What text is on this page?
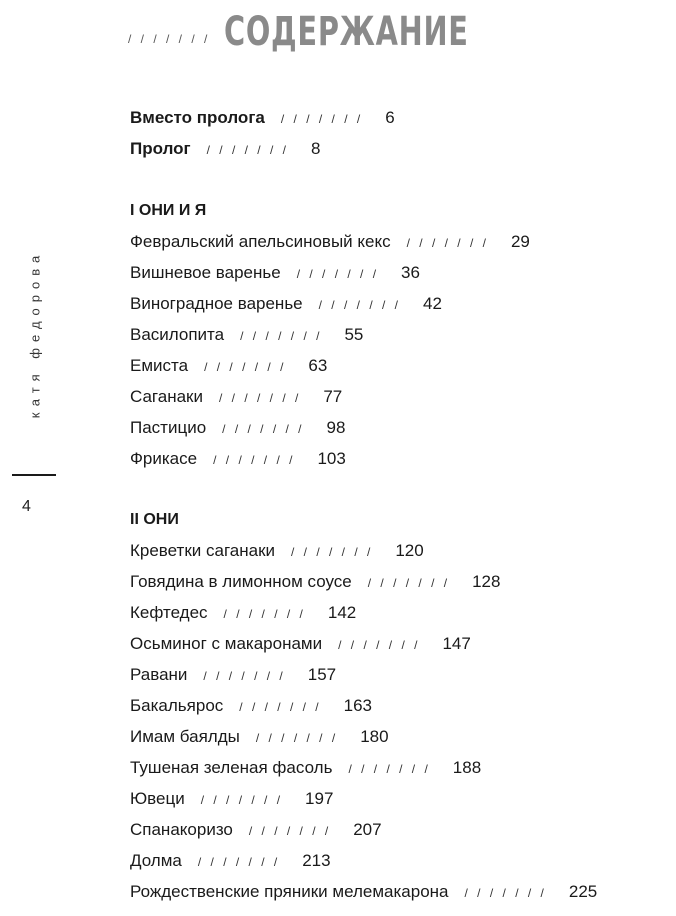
/ / / / / / / СОДЕРЖАНИЕ
катя федорова
4
Вместо пролога / / / / / / / 6
Пролог / / / / / / / 8
I ОНИ И Я
Февральский апельсиновый кекс / / / / / / / 29
Вишневое варенье / / / / / / / 36
Виноградное варенье / / / / / / / 42
Василопита / / / / / / / 55
Емиста / / / / / / / 63
Саганаки / / / / / / / 77
Пастицио / / / / / / / 98
Фрикасе / / / / / / / 103
II ОНИ
Креветки саганаки / / / / / / / 120
Говядина в лимонном соусе / / / / / / / 128
Кефтедес / / / / / / / 142
Осьминог с макаронами / / / / / / / 147
Равани / / / / / / / 157
Бакальярос / / / / / / / 163
Имам баялды / / / / / / / 180
Тушеная зеленая фасоль / / / / / / / 188
Ювеци / / / / / / / 197
Спанакоризо / / / / / / / 207
Долма / / / / / / / 213
Рождественские пряники мелемакарона / / / / / / / 225
